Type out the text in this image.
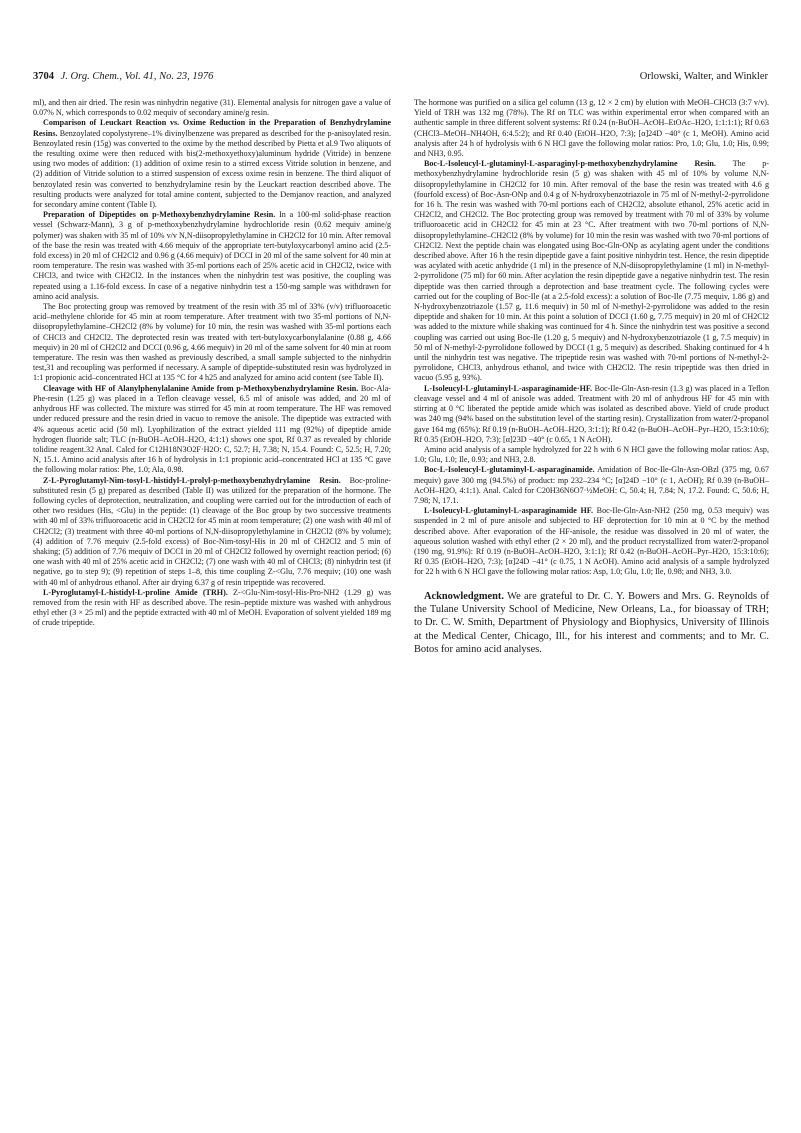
3704 J. Org. Chem., Vol. 41, No. 23, 1976	Orlowski, Walter, and Winkler

ml), and then air dried. The resin was ninhydrin negative (31). Elemental analysis for nitrogen gave a value of 0.07% N, which corresponds to 0.02 mequiv of secondary amine/g resin.

Comparison of Leuckart Reaction vs. Oxime Reduction in the Preparation of Benzhydrylamine Resins. Benzoylated copolystyrene–1% divinylbenzene was prepared as described for the p-anisoylated resin. Benzoylated resin (15g) was converted to the oxime by the method described by Pietta et al.9 Two aliquots of the resulting oxime were then reduced with bis(2-methoxyethoxy)aluminum hydride (Vitride) in benzene using two modes of addition: (1) addition of oxime resin to a stirred excess Vitride solution in benzene, and (2) addition of Vitride solution to a stirred suspension of excess oxime resin in benzene. The third aliquot of benzoylated resin was converted to benzhydrylamine resin by the Leuckart reaction described above. The resulting products were analyzed for total amine content, subjected to the Demjanov reaction, and analyzed for secondary amine content (Table I).

Preparation of Dipeptides on p-Methoxybenzhydrylamine Resin. In a 100-ml solid-phase reaction vessel (Schwarz-Mann), 3 g of p-methoxybenzhydrylamine hydrochloride resin (0.62 mequiv amine/g polymer) was shaken with 35 ml of 10% v/v N,N-diisopropylethylamine in CH2Cl2 for 10 min. After removal of the base the resin was treated with 4.66 mequiv of the appropriate tert-butyloxycarbonyl amino acid (2.5-fold excess) in 20 ml of CH2Cl2 and 0.96 g (4.66 mequiv) of DCCI in 20 ml of the same solvent for 40 min at room temperature. The resin was washed with 35-ml portions each of 25% acetic acid in CH2Cl2, twice with CHCl3, and twice with CH2Cl2. In the instances when the ninhydrin test was positive, the coupling was repeated using a 1.16-fold excess. In case of a negative ninhydrin test a 150-mg sample was withdrawn for amino acid analysis.

The Boc protecting group was removed by treatment of the resin with 35 ml of 33% (v/v) trifluoroacetic acid–methylene chloride for 45 min at room temperature. After treatment with two 35-ml portions of N,N-diisopropylethylamine–CH2Cl2 (8% by volume) for 10 min, the resin was washed with 35-ml portions each of CHCl3 and CH2Cl2. The deprotected resin was treated with tert-butyloxycarbonylalanine (0.88 g, 4.66 mequiv) in 20 ml of CH2Cl2 and DCCI (0.96 g, 4.66 mequiv) in 20 ml of the same solvent for 40 min at room temperature. The resin was then washed as previously described, a small sample subjected to the ninhydrin test,31 and recoupling was performed if necessary. A sample of dipeptide-substituted resin was hydrolyzed in 1:1 propionic acid–concentrated HCl at 135 °C for 4 h25 and analyzed for amino acid content (see Table II).

Cleavage with HF of Alanylphenylalanine Amide from p-Methoxybenzhydrylamine Resin. Boc-Ala-Phe-resin (1.25 g) was placed in a Teflon cleavage vessel, 6.5 ml of anisole was added, and 20 ml of anhydrous HF was collected. The mixture was stirred for 45 min at room temperature. The HF was removed under reduced pressure and the resin dried in vacuo to remove the anisole. The dipeptide was extracted with 4% aqueous acetic acid (50 ml). Lyophilization of the extract yielded 111 mg (92%) of dipeptide amide hydrogen fluoride salt; TLC (n-BuOH–AcOH–H2O, 4:1:1) shows one spot, Rf 0.37 as revealed by chloride tolidine reagent.32 Anal. Calcd for C12H18N3O2F·H2O: C, 52.7; H, 7.38; N, 15.4. Found: C, 52.5; H, 7.20; N, 15.1. Amino acid analysis after 16 h of hydrolysis in 1:1 propionic acid–concentrated HCl at 135 °C gave the following molar ratios: Phe, 1.0; Ala, 0.98.

Z-L-Pyroglutamyl-Nim-tosyl-L-histidyl-L-prolyl-p-methoxybenzhydrylamine Resin. Boc-proline-substituted resin (5 g) prepared as described (Table II) was utilized for the preparation of the hormone. The following cycles of deprotection, neutralization, and coupling were carried out for the introduction of each of other two residues (His, <Glu) in the peptide: (1) cleavage of the Boc group by two successive treatments with 40 ml of 33% trifluoroacetic acid in CH2Cl2 for 45 min at room temperature; (2) one wash with 40 ml of CH2Cl2; (3) treatment with three 40-ml portions of N,N-diisopropylethylamine in CH2Cl2 (8% by volume); (4) addition of 7.76 mequiv (2.5-fold excess) of Boc-Nim-tosyl-His in 20 ml of CH2Cl2 and 5 min of shaking; (5) addition of 7.76 mequiv of DCCI in 20 ml of CH2Cl2 followed by overnight reaction period; (6) one wash with 40 ml of 25% acetic acid in CH2Cl2; (7) one wash with 40 ml of CHCl3; (8) ninhydrin test (if negative, go to step 9); (9) repetition of steps 1–8, this time coupling Z-<Glu, 7.76 mequiv; (10) one wash with 40 ml of anhydrous ethanol. After air drying 6.37 g of resin tripeptide was recovered.

L-Pyroglutamyl-L-histidyl-L-proline Amide (TRH). Z-<Glu-Nim-tosyl-His-Pro-NH2 (1.29 g) was removed from the resin with HF as described above. The resin–peptide mixture was washed with anhydrous ethyl ether (3 × 25 ml) and the peptide extracted with 40 ml of MeOH. Evaporation of solvent yielded 189 mg of crude tripeptide.

The hormone was purified on a silica gel column (13 g, 12 × 2 cm) by elution with MeOH–CHCl3 (3:7 v/v). Yield of TRH was 132 mg (78%). The Rf on TLC was within experimental error when compared with an authentic sample in three different solvent systems: Rf 0.24 (n-BuOH–AcOH–EtOAc–H2O, 1:1:1:1); Rf 0.63 (CHCl3–MeOH–NH4OH, 6:4.5:2); and Rf 0.40 (EtOH–H2O, 7:3); [α]24D −40° (c 1, MeOH). Amino acid analysis after 24 h of hydrolysis with 6 N HCl gave the following molar ratios: Pro, 1.0; Glu, 1.0; His, 0.99; and NH3, 0.95.

Boc-L-Isoleucyl-L-glutaminyl-L-asparaginyl-p-methoxybenzhydrylamine Resin. The p-methoxybenzhydrylamine hydrochloride resin (5 g) was shaken with 45 ml of 10% by volume N,N-diisopropylethylamine in CH2Cl2 for 10 min. After removal of the base the resin was treated with 4.6 g (fourfold excess) of Boc-Asn-ONp and 0.4 g of N-hydroxybenzotriazole in 75 ml of N-methyl-2-pyrrolidone for 16 h. The resin was washed with 70-ml portions each of CH2Cl2, absolute ethanol, 25% acetic acid in CH2Cl2, and CH2Cl2. The Boc protecting group was removed by treatment with 70 ml of 33% by volume trifluoroacetic acid in CH2Cl2 for 45 min at 23 °C. After treatment with two 70-ml portions of N,N-diisopropylethylamine–CH2Cl2 (8% by volume) for 10 min the resin was washed with two 70-ml portions of CH2Cl2. Next the peptide chain was elongated using Boc-Gln-ONp as acylating agent under the conditions described above. After 16 h the resin dipeptide gave a faint positive ninhydrin test. Hence, the resin dipeptide was acylated with acetic anhydride (1 ml) in the presence of N,N-diisopropylethylamine (1 ml) in N-methyl-2-pyrrolidone (75 ml) for 60 min. After acylation the resin dipeptide gave a negative ninhydrin test. The resin dipeptide was then carried through a deprotection and base treatment cycle. The following cycles were carried out for the coupling of Boc-Ile (at a 2.5-fold excess): a solution of Boc-Ile (7.75 mequiv, 1.86 g) and N-hydroxybenzotriazole (1.57 g, 11.6 mequiv) in 50 ml of N-methyl-2-pyrrolidone was added to the resin dipeptide and shaken for 10 min. At this point a solution of DCCI (1.60 g, 7.75 mequiv) in 20 ml of CH2Cl2 was added to the mixture while shaking was continued for 4 h. Since the ninhydrin test was positive a second coupling was carried out using Boc-Ile (1.20 g, 5 mequiv) and N-hydroxybenzotriazole (1 g, 7.5 mequiv) in 50 ml of N-methyl-2-pyrrolidone followed by DCCI (1 g, 5 mequiv) as described. Shaking continued for 4 h until the ninhydrin test was negative. The tripeptide resin was washed with 70-ml portions of N-methyl-2-pyrrolidone, CHCl3, anhydrous ethanol, and twice with CH2Cl2. The resin tripeptide was then dried in vacuo (5.95 g, 93%).

L-Isoleucyl-L-glutaminyl-L-asparaginamide·HF. Boc-Ile-Gln-Asn-resin (1.3 g) was placed in a Teflon cleavage vessel and 4 ml of anisole was added. Treatment with 20 ml of anhydrous HF for 45 min with stirring at 0 °C liberated the peptide amide which was isolated as described above. Yield of crude product was 240 mg (94% based on the substitution level of the starting resin). Crystallization from water/2-propanol gave 164 mg (65%): Rf 0.19 (n-BuOH–AcOH–H2O, 3:1:1); Rf 0.42 (n-BuOH–AcOH–Pyr–H2O, 15:3:10:6); Rf 0.35 (EtOH–H2O, 7:3); [α]23D −40° (c 0.65, 1 N AcOH).

Amino acid analysis of a sample hydrolyzed for 22 h with 6 N HCl gave the following molar ratios: Asp, 1.0; Glu, 1.0; Ile, 0.93; and NH3, 2.8.

Boc-L-Isoleucyl-L-glutaminyl-L-asparaginamide. Amidation of Boc-Ile-Gln-Asn-OBzl (375 mg, 0.67 mequiv) gave 300 mg (94.5%) of product: mp 232–234 °C; [α]24D −10° (c 1, AcOH); Rf 0.39 (n-BuOH–AcOH–H2O, 4:1:1). Anal. Calcd for C20H36N6O7·½MeOH: C, 50.4; H, 7.84; N, 17.2. Found: C, 50.6; H, 7.98; N, 17.1.

L-Isoleucyl-L-glutaminyl-L-asparaginamide HF. Boc-Ile-Gln-Asn-NH2 (250 mg, 0.53 mequiv) was suspended in 2 ml of pure anisole and subjected to HF deprotection for 10 min at 0 °C by the method described above. After evaporation of the HF-anisole, the residue was dissolved in 20 ml of water, the aqueous solution washed with ethyl ether (2 × 20 ml), and the product recrystallized from water/2-propanol (190 mg, 91.9%): Rf 0.19 (n-BuOH–AcOH–H2O, 3:1:1); Rf 0.42 (n-BuOH–AcOH–Pyr–H2O, 15:3:10:6); Rf 0.35 (EtOH–H2O, 7:3); [α]24D −41° (c 0.75, 1 N AcOH). Amino acid analysis of a sample hydrolyzed for 22 h with 6 N HCl gave the following molar ratios: Asp, 1.0; Glu, 1.0; Ile, 0.98; and NH3, 3.0.

Acknowledgment. We are grateful to Dr. C. Y. Bowers and Mrs. G. Reynolds of the Tulane University School of Medicine, New Orleans, La., for bioassay of TRH; to Dr. C. W. Smith, Department of Physiology and Biophysics, University of Illinois at the Medical Center, Chicago, Ill., for his interest and comments; and to Mr. C. Botos for amino acid analyses.
